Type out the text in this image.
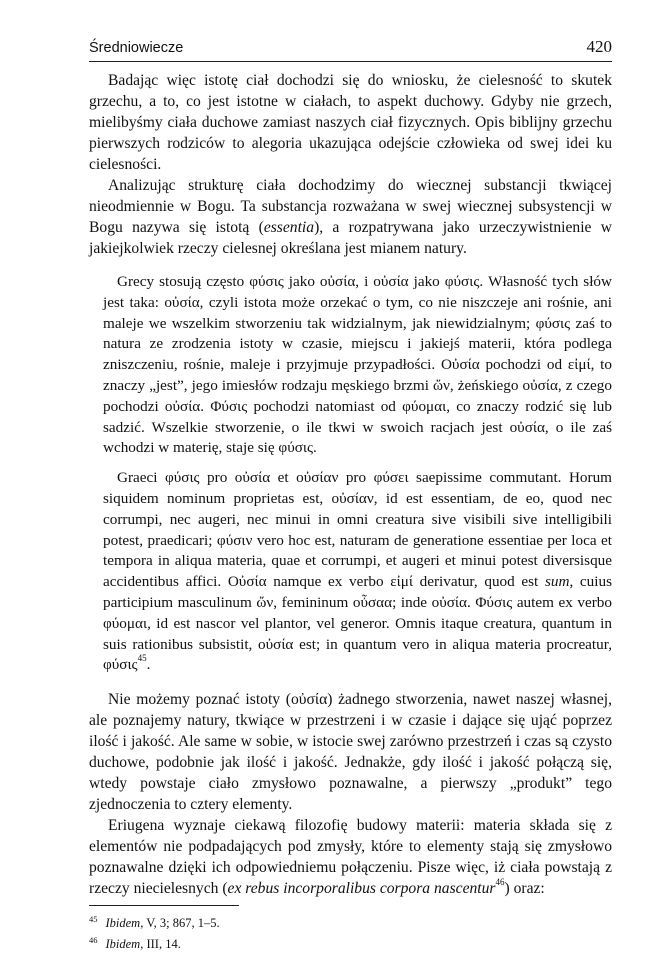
Średniowiecze	420

Badając więc istotę ciał dochodzi się do wniosku, że cielesność to skutek grzechu, a to, co jest istotne w ciałach, to aspekt duchowy. Gdyby nie grzech, mielibyśmy ciała duchowe zamiast naszych ciał fizycznych. Opis biblijny grzechu pierwszych rodziców to alegoria ukazująca odejście człowieka od swej idei ku cielesności.

Analizując strukturę ciała dochodzimy do wiecznej substancji tkwiącej nieodmiennie w Bogu. Ta substancja rozważana w swej wiecznej subsystencji w Bogu nazywa się istotą (essentia), a rozpatrywana jako urzeczywistnienie w jakiejkolwiek rzeczy cielesnej określana jest mianem natury.

Grecy stosują często φύσις jako οὐσία, i οὐσία jako φύσις. Własność tych słów jest taka: οὐσία, czyli istota może orzekać o tym, co nie niszczeje ani rośnie, ani maleje we wszelkim stworzeniu tak widzialnym, jak niewidzialnym; φύσις zaś to natura ze zrodzenia istoty w czasie, miejscu i jakiejś materii, która podlega zniszczeniu, rośnie, maleje i przyjmuje przypadłości. Οὐσία pochodzi od εἰμί, to znaczy „jest”, jego imiesłów rodzaju męskiego brzmi ὤν, żeńskiego οὐσία, z czego pochodzi οὐσία. Φύσις pochodzi natomiast od φύομαι, co znaczy rodzić się lub sadzić. Wszelkie stworzenie, o ile tkwi w swoich racjach jest οὐσία, o ile zaś wchodzi w materię, staje się φύσις.

Graeci φύσις pro οὐσία et οὐσίαν pro φύσει saepissime commutant. Horum siquidem nominum proprietas est, οὐσίαν, id est essentiam, de eo, quod nec corrumpi, nec augeri, nec minui in omni creatura sive visibili sive intelligibili potest, praedicari; φύσιν vero hoc est, naturam de generatione essentiae per loca et tempora in aliqua materia, quae et corrumpi, et augeri et minui potest diversisque accidentibus affici. Οὐσία namque ex verbo εἰμί derivatur, quod est sum, cuius participium masculinum ὤν, femininum οὖσαα; inde οὐσία. Φύσις autem ex verbo φύομαι, id est nascor vel plantor, vel generor. Omnis itaque creatura, quantum in suis rationibus subsistit, οὐσία est; in quantum vero in aliqua materia procreatur, φύσις$^{45}$.

Nie możemy poznać istoty (οὐσία) żadnego stworzenia, nawet naszej własnej, ale poznajemy natury, tkwiące w przestrzeni i w czasie i dające się ująć poprzez ilość i jakość. Ale same w sobie, w istocie swej zarówno przestrzeń i czas są czysto duchowe, podobnie jak ilość i jakość. Jednakże, gdy ilość i jakość połączą się, wtedy powstaje ciało zmysłowo poznawalne, a pierwszy „produkt” tego zjednoczenia to cztery elementy.

Eriugena wyznaje ciekawą filozofię budowy materii: materia składa się z elementów nie podpadających pod zmysły, które to elementy stają się zmysłowo poznawalne dzięki ich odpowiedniemu połączeniu. Pisze więc, iż ciała powstają z rzeczy niecielesnych (ex rebus incorporalibus corpora nascentur$^{46}$) oraz:

$^{45}$ Ibidem, V, 3; 867, 1–5.
$^{46}$ Ibidem, III, 14.
